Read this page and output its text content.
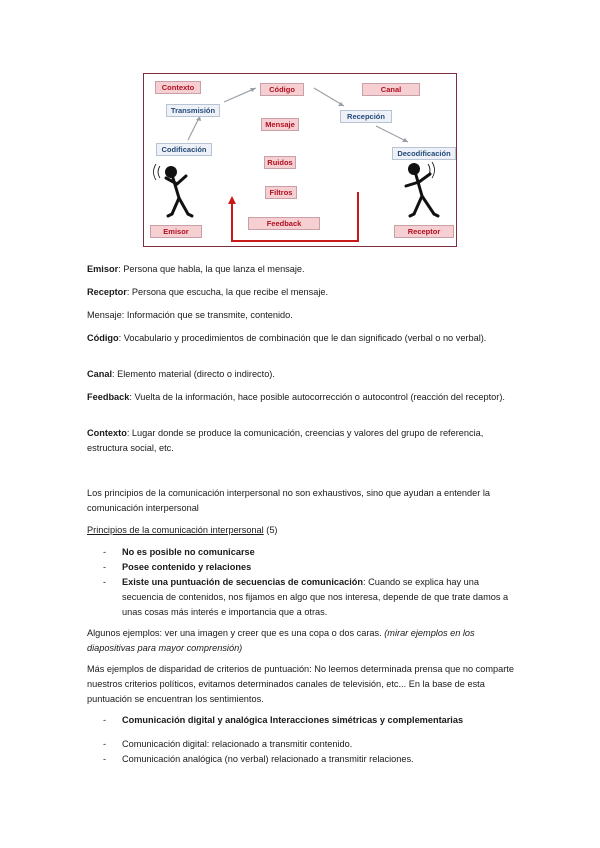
Contexto
Transmisión
Código	Canal
Recepción
Mensaje
Codificación	Decodificación
Ruidos
Filtros
Feedback
Emisor	Receptor
Emisor: Persona que habla, la que lanza el mensaje.
Receptor: Persona que escucha, la que recibe el mensaje.
Mensaje: Información que se transmite, contenido.
Código: Vocabulario y procedimientos de combinación que le dan significado (verbal o no verbal).
Canal: Elemento material (directo o indirecto).
Feedback: Vuelta de la información, hace posible autocorrección o autocontrol (reacción del receptor).
Contexto: Lugar donde se produce la comunicación, creencias y valores del grupo de referencia, estructura social, etc.
Los principios de la comunicación interpersonal no son exhaustivos, sino que ayudan a entender la comunicación interpersonal
Principios de la comunicación interpersonal (5)
- No es posible no comunicarse
- Posee contenido y relaciones
- Existe una puntuación de secuencias de comunicación: Cuando se explica hay una secuencia de contenidos, nos fijamos en algo que nos interesa, depende de que trate damos a unas cosas más interés e importancia que a otras.
Algunos ejemplos: ver una imagen y creer que es una copa o dos caras. (mirar ejemplos en los diapositivas para mayor comprensión)
Más ejemplos de disparidad de criterios de puntuación: No leemos determinada prensa que no comparte nuestros criterios políticos, evitamos determinados canales de televisión, etc... En la base de esta puntuación se encuentran los sentimientos.
- Comunicación digital y analógica Interacciones simétricas y complementarias
- Comunicación digital: relacionado a transmitir contenido.
- Comunicación analógica (no verbal) relacionado a transmitir relaciones.
